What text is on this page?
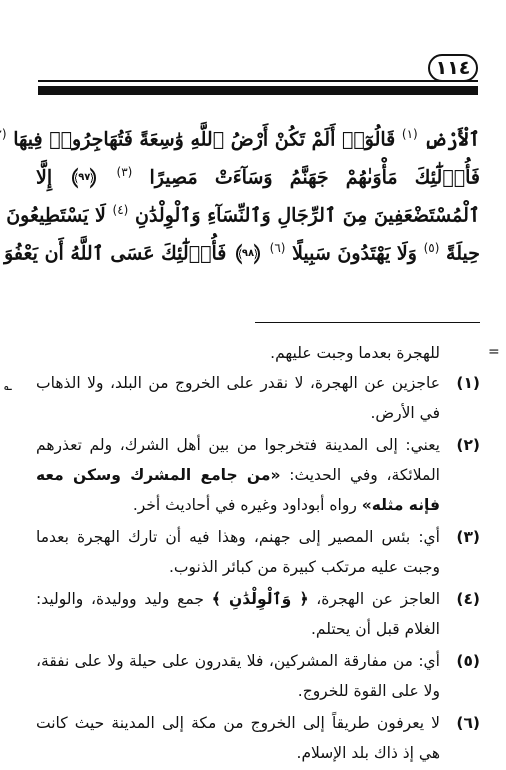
١١٤
ٱلْأَرْضِ $^{(١)}$ قَالُوٓا۟ أَلَمْ تَكُنْ أَرْضُ ٱللَّهِ وَٰسِعَةً فَتُهَاجِرُوا۟ فِيهَا (
فَأُو۟لَٰٓئِكَ مَأْوَىٰهُمْ جَهَنَّمُ وَسَآءَتْ مَصِيرًا $^{(٣)}$
٩٧
إِلَّا
ٱلْمُسْتَضْعَفِينَ مِنَ ٱلرِّجَالِ وَٱلنِّسَآءِ وَٱلْوِلْدَٰنِ $^{(٤)}$ لَا يَسْتَطِيعُونَ
حِيلَةً $^{(٥)}$ وَلَا يَهْتَدُونَ سَبِيلًا $^{(٦)}$
٩٨
فَأُو۟لَٰٓئِكَ عَسَى ٱللَّهُ أَن يَعْفُوَ
=
؎
للهجرة بعدما وجبت عليهم.
(١)
عاجزين عن الهجرة، لا نقدر على الخروج من البلد، ولا الذهاب في الأرض.
(٢)
يعني: إلى المدينة فتخرجوا من بين أهل الشرك، ولم تعذرهم الملائكة، وفي الحديث: «من جامع المشرك وسكن معه فإنه مثله» رواه أبوداود وغيره في أحاديث أخر.
(٣)
أي: بئس المصير إلى جهنم، وهذا فيه أن تارك الهجرة بعدما وجبت عليه مرتكب كبيرة من كبائر الذنوب.
(٤)
العاجز عن الهجرة، ﴿ وَٱلْوِلْدَٰنِ ﴾ جمع وليد ووليدة، والوليد: الغلام قبل أن يحتلم.
(٥)
أي: من مفارقة المشركين، فلا يقدرون على حيلة ولا على نفقة، ولا على القوة للخروج.
(٦)
لا يعرفون طريقاً إلى الخروج من مكة إلى المدينة حيث كانت هي إذ ذاك بلد الإسلام.
